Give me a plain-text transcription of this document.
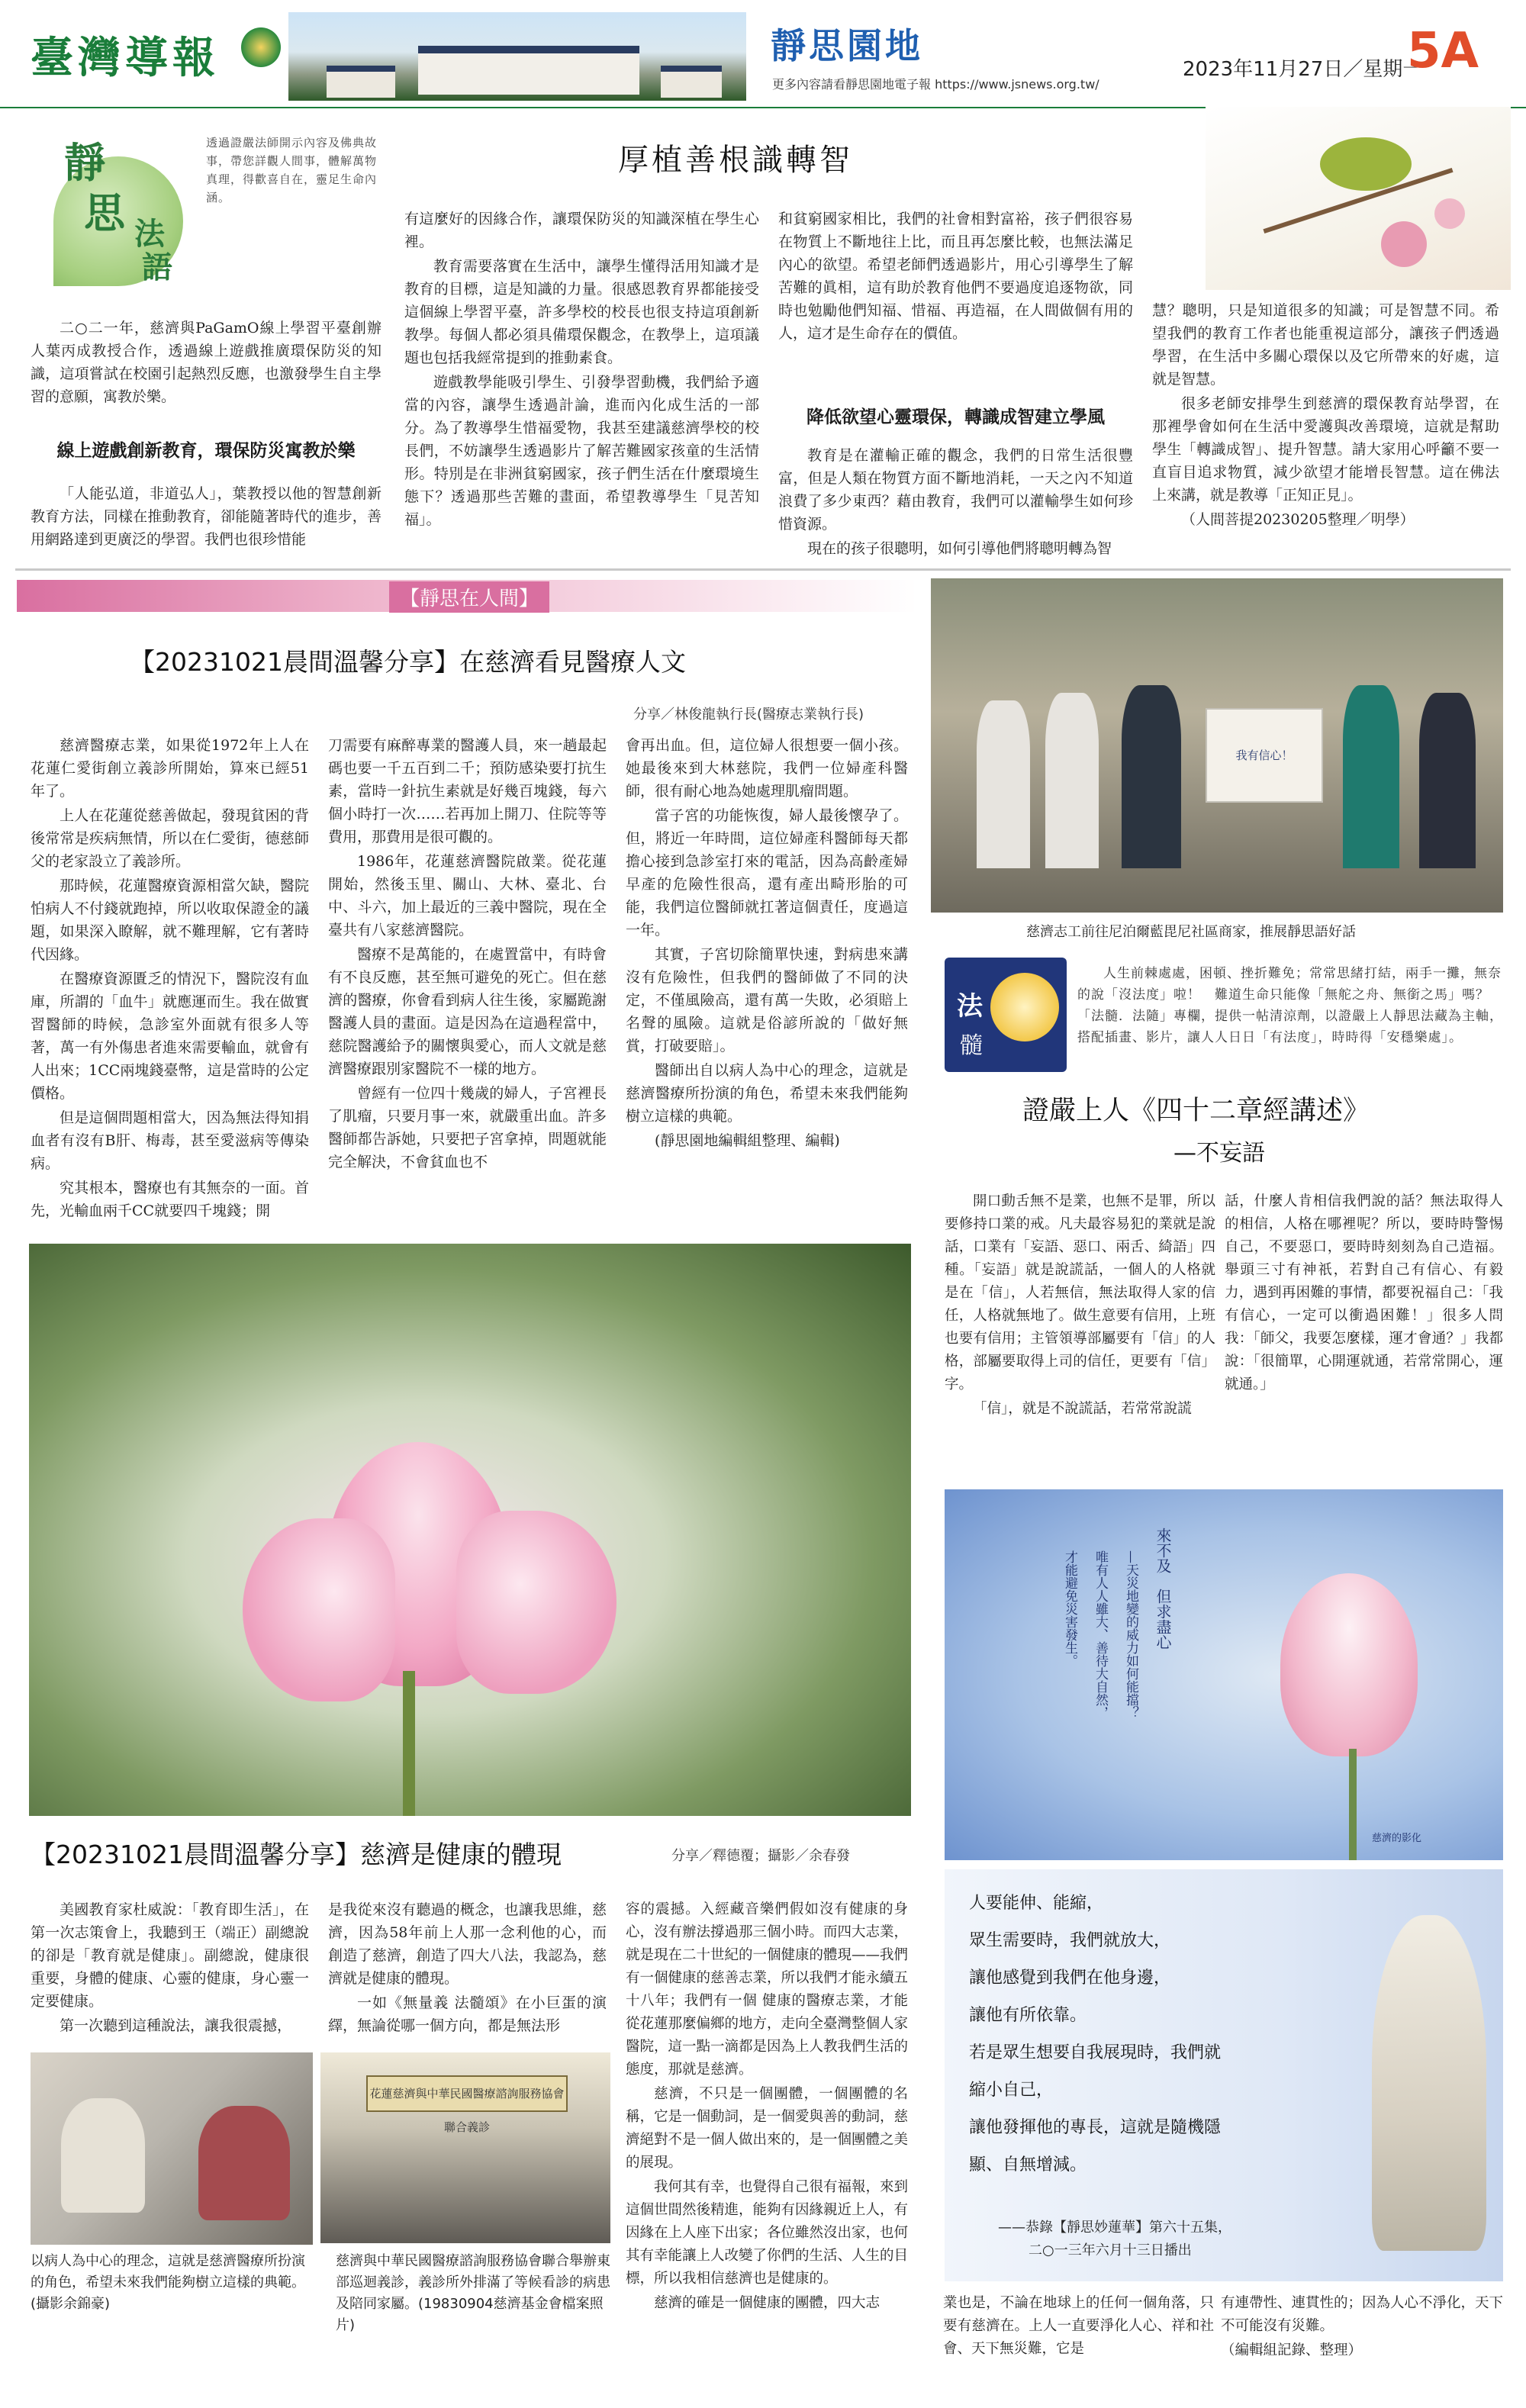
臺灣導報	靜思園地
更多內容請看靜思園地電子報 https://www.jsnews.org.tw/
2023年11月27日／星期一
5A
靜
思 法
語
透過證嚴法師開示內容及佛典故事，帶您詳觀人間事，體解萬物真理，得歡喜自在，靈足生命內涵。
厚植善根識轉智

二○二一年，慈濟與PaGamO線上學習平臺創辦人葉丙成教授合作，透過線上遊戲推廣環保防災的知識，這項嘗試在校園引起熱烈反應，也激發學生自主學習的意願，寓教於樂。

線上遊戲創新教育，環保防災寓教於樂

「人能弘道，非道弘人」，葉教授以他的智慧創新教育方法，同樣在推動教育，卻能隨著時代的進步，善用網路達到更廣泛的學習。我們也很珍惜能

有這麼好的因緣合作，讓環保防災的知識深植在學生心裡。

教育需要落實在生活中，讓學生懂得活用知識才是教育的目標，這是知識的力量。很感恩教育界都能接受這個線上學習平臺，許多學校的校長也很支持這項創新教學。每個人都必須具備環保觀念，在教學上，這項議題也包括我經常提到的推動素食。

遊戲教學能吸引學生、引發學習動機，我們給予適當的內容，讓學生透過計論，進而內化成生活的一部分。為了教導學生惜福愛物，我甚至建議慈濟學校的校長們，不妨讓學生透過影片了解苦難國家孩童的生活情形。特別是在非洲貧窮國家，孩子們生活在什麼環境生態下？透過那些苦難的畫面，希望教導學生「見苦知福」。

和貧窮國家相比，我們的社會相對富裕，孩子們很容易在物質上不斷地往上比，而且再怎麼比較，也無法滿足內心的欲望。希望老師們透過影片，用心引導學生了解苦難的眞相，這有助於教育他們不要過度追逐物欲，同時也勉勵他們知福、惜福、再造福，在人間做個有用的人，這才是生命存在的價值。

降低欲望心靈環保，轉識成智建立學風

教育是在灌輸正確的觀念，我們的日常生活很豐富，但是人類在物質方面不斷地消耗，一天之內不知道浪費了多少東西？藉由教育，我們可以灌輸學生如何珍惜資源。

現在的孩子很聰明，如何引導他們將聰明轉為智

慧？聰明，只是知道很多的知識；可是智慧不同。希望我們的教育工作者也能重視這部分，讓孩子們透過學習，在生活中多關心環保以及它所帶來的好處，這就是智慧。

很多老師安排學生到慈濟的環保教育站學習，在那裡學會如何在生活中愛護與改善環境，這就是幫助學生「轉識成智」、提升智慧。請大家用心呼籲不要一直盲目追求物質，減少欲望才能增長智慧。這在佛法上來講，就是教導「正知正見」。

（人間菩提20230205整理／明學）

【靜思在人間】
【20231021晨間溫馨分享】在慈濟看見醫療人文
分享／林俊龍執行長(醫療志業執行長)

慈濟醫療志業，如果從1972年上人在花蓮仁愛街創立義診所開始，算來已經51年了。

上人在花蓮從慈善做起，發現貧困的背後常常是疾病無情，所以在仁愛街，德慈師父的老家設立了義診所。

那時候，花蓮醫療資源相當欠缺，醫院怕病人不付錢就跑掉，所以收取保證金的議題，如果深入瞭解，就不難理解，它有著時代因緣。

在醫療資源匱乏的情況下，醫院沒有血庫，所謂的「血牛」就應運而生。我在做實習醫師的時候，急診室外面就有很多人等著，萬一有外傷患者進來需要輸血，就會有人出來；1CC兩塊錢臺幣，這是當時的公定價格。

但是這個問題相當大，因為無法得知捐血者有沒有B肝、梅毒，甚至愛滋病等傳染病。

究其根本，醫療也有其無奈的一面。首先，光輸血兩千CC就要四千塊錢；開

刀需要有麻醉專業的醫護人員，來一趟最起碼也要一千五百到二千；預防感染要打抗生素，當時一針抗生素就是好幾百塊錢，每六個小時打一次……若再加上開刀、住院等等費用，那費用是很可觀的。

1986年，花蓮慈濟醫院啟業。從花蓮開始，然後玉里、關山、大林、臺北、台中、斗六，加上最近的三義中醫院，現在全臺共有八家慈濟醫院。

醫療不是萬能的，在處置當中，有時會有不良反應，甚至無可避免的死亡。但在慈濟的醫療，你會看到病人往生後，家屬跪謝醫護人員的畫面。這是因為在這過程當中，慈院醫護給予的關懷與愛心，而人文就是慈濟醫療跟別家醫院不一樣的地方。

曾經有一位四十幾歲的婦人，子宮裡長了肌瘤，只要月事一來，就嚴重出血。許多醫師都告訴她，只要把子宮拿掉，問題就能完全解決，不會貧血也不

會再出血。但，這位婦人很想要一個小孩。她最後來到大林慈院，我們一位婦產科醫師，很有耐心地為她處理肌瘤問題。

當子宮的功能恢復，婦人最後懷孕了。但，將近一年時間，這位婦產科醫師每天都擔心接到急診室打來的電話，因為高齡產婦早產的危險性很高，還有產出畸形胎的可能，我們這位醫師就扛著這個責任，度過這一年。

其實，子宮切除簡單快速，對病患來講沒有危險性，但我們的醫師做了不同的決定，不僅風險高，還有萬一失敗，必須賠上名聲的風險。這就是俗諺所說的「做好無賞，打破要賠」。

醫師出自以病人為中心的理念，這就是慈濟醫療所扮演的角色，希望未來我們能夠樹立這樣的典範。

(靜思園地編輯組整理、編輯)

【20231021晨間溫馨分享】慈濟是健康的體現	分享／釋德覆；攝影／余春發

美國教育家杜威說：「教育即生活」，在第一次志策會上，我聽到王（端正）副總說的卻是「教育就是健康」。副總說，健康很重要，身體的健康、心靈的健康，身心靈一定要健康。

第一次聽到這種說法，讓我很震撼，

是我從來沒有聽過的概念，也讓我思維，慈濟，因為58年前上人那一念利他的心，而創造了慈濟，創造了四大八法，我認為，慈濟就是健康的體現。

一如《無量義 法髓頌》在小巨蛋的演繹，無論從哪一個方向，都是無法形

容的震撼。入經藏音樂們假如沒有健康的身心，沒有辦法撐過那三個小時。而四大志業，就是現在二十世紀的一個健康的體現——我們有一個健康的慈善志業，所以我們才能永續五十八年；我們有一個 健康的醫療志業，才能從花蓮那麼偏鄉的地方，走向全臺灣整個人家醫院，這一點一滴都是因為上人教我們生活的態度，那就是慈濟。

慈濟，不只是一個團體，一個團體的名稱，它是一個動詞，是一個愛與善的動詞，慈濟絕對不是一個人做出來的，是一個團體之美的展現。

我何其有幸，也覺得自己很有福報，來到這個世間然後精進，能夠有因緣親近上人，有因緣在上人座下出家；各位雖然沒出家，也何其有幸能讓上人改變了你們的生活、人生的目標，所以我相信慈濟也是健康的。

慈濟的確是一個健康的團體，四大志

花蓮慈濟與中華民國醫療諮詢服務協會聯合義診
以病人為中心的理念，這就是慈濟醫療所扮演的角色，希望未來我們能夠樹立這樣的典範。(攝影余錦豪)
慈濟與中華民國醫療諮詢服務協會聯合舉辦東部巡迴義診，義診所外排滿了等候看診的病患及陪同家屬。(19830904慈濟基金會檔案照片)

業也是，不論在地球上的任何一個角落，只要有慈濟在。上人一直要淨化人心、祥和社會、天下無災難，它是

有連帶性、連貫性的；因為人心不淨化，天下不可能沒有災難。

（編輯組記錄、整理）

我有信心！
慈濟志工前往尼泊爾藍毘尼社區商家，推展靜思語好話
法
髓
人生前棘處處，困頓、挫折難免；常常思緒打結，兩手一攤，無奈的說「沒法度」啦！　難道生命只能像「無舵之舟、無銜之馬」嗎？「法髓．法隨」專欄，提供一帖清涼劑，以證嚴上人靜思法藏為主軸，搭配插畫、影片，讓人人日日「有法度」，時時得「安穩樂處」。
證嚴上人《四十二章經講述》
—不妄語

開口動舌無不是業，也無不是罪，所以要修持口業的戒。凡夫最容易犯的業就是說話，口業有「妄語、惡口、兩舌、綺語」四種。「妄語」就是說謊話，一個人的人格就是在「信」，人若無信，無法取得人家的信任，人格就無地了。做生意要有信用，上班也要有信用；主管領導部屬要有「信」的人格，部屬要取得上司的信任，更要有「信」字。

「信」，就是不說謊話，若常常說謊

話，什麼人肯相信我們說的話？無法取得人的相信，人格在哪裡呢？所以，要時時警惕自己，不要惡口，要時時刻刻為自己造福。舉頭三寸有神祇，若對自己有信心、有毅力，遇到再困難的事情，都要祝福自己：「我有信心，一定可以衝過困難！」很多人問我：「師父，我要怎麼樣，運才會通？」我都說：「很簡單，心開運就通，若常常開心，運就通。」

來不及　但求盡心
—天災地變的威力如何能擋？
唯有人人雖大、善待大自然，
才能避免災害發生。
慈濟的影化
人要能伸、能縮，
眾生需要時，我們就放大，
讓他感覺到我們在他身邊，
讓他有所依靠。
若是眾生想要自我展現時，我們就
縮小自己，
讓他發揮他的專長，這就是隨機隱
顯、自無增減。
——恭錄【靜思妙蓮華】第六十五集，
二○一三年六月十三日播出
